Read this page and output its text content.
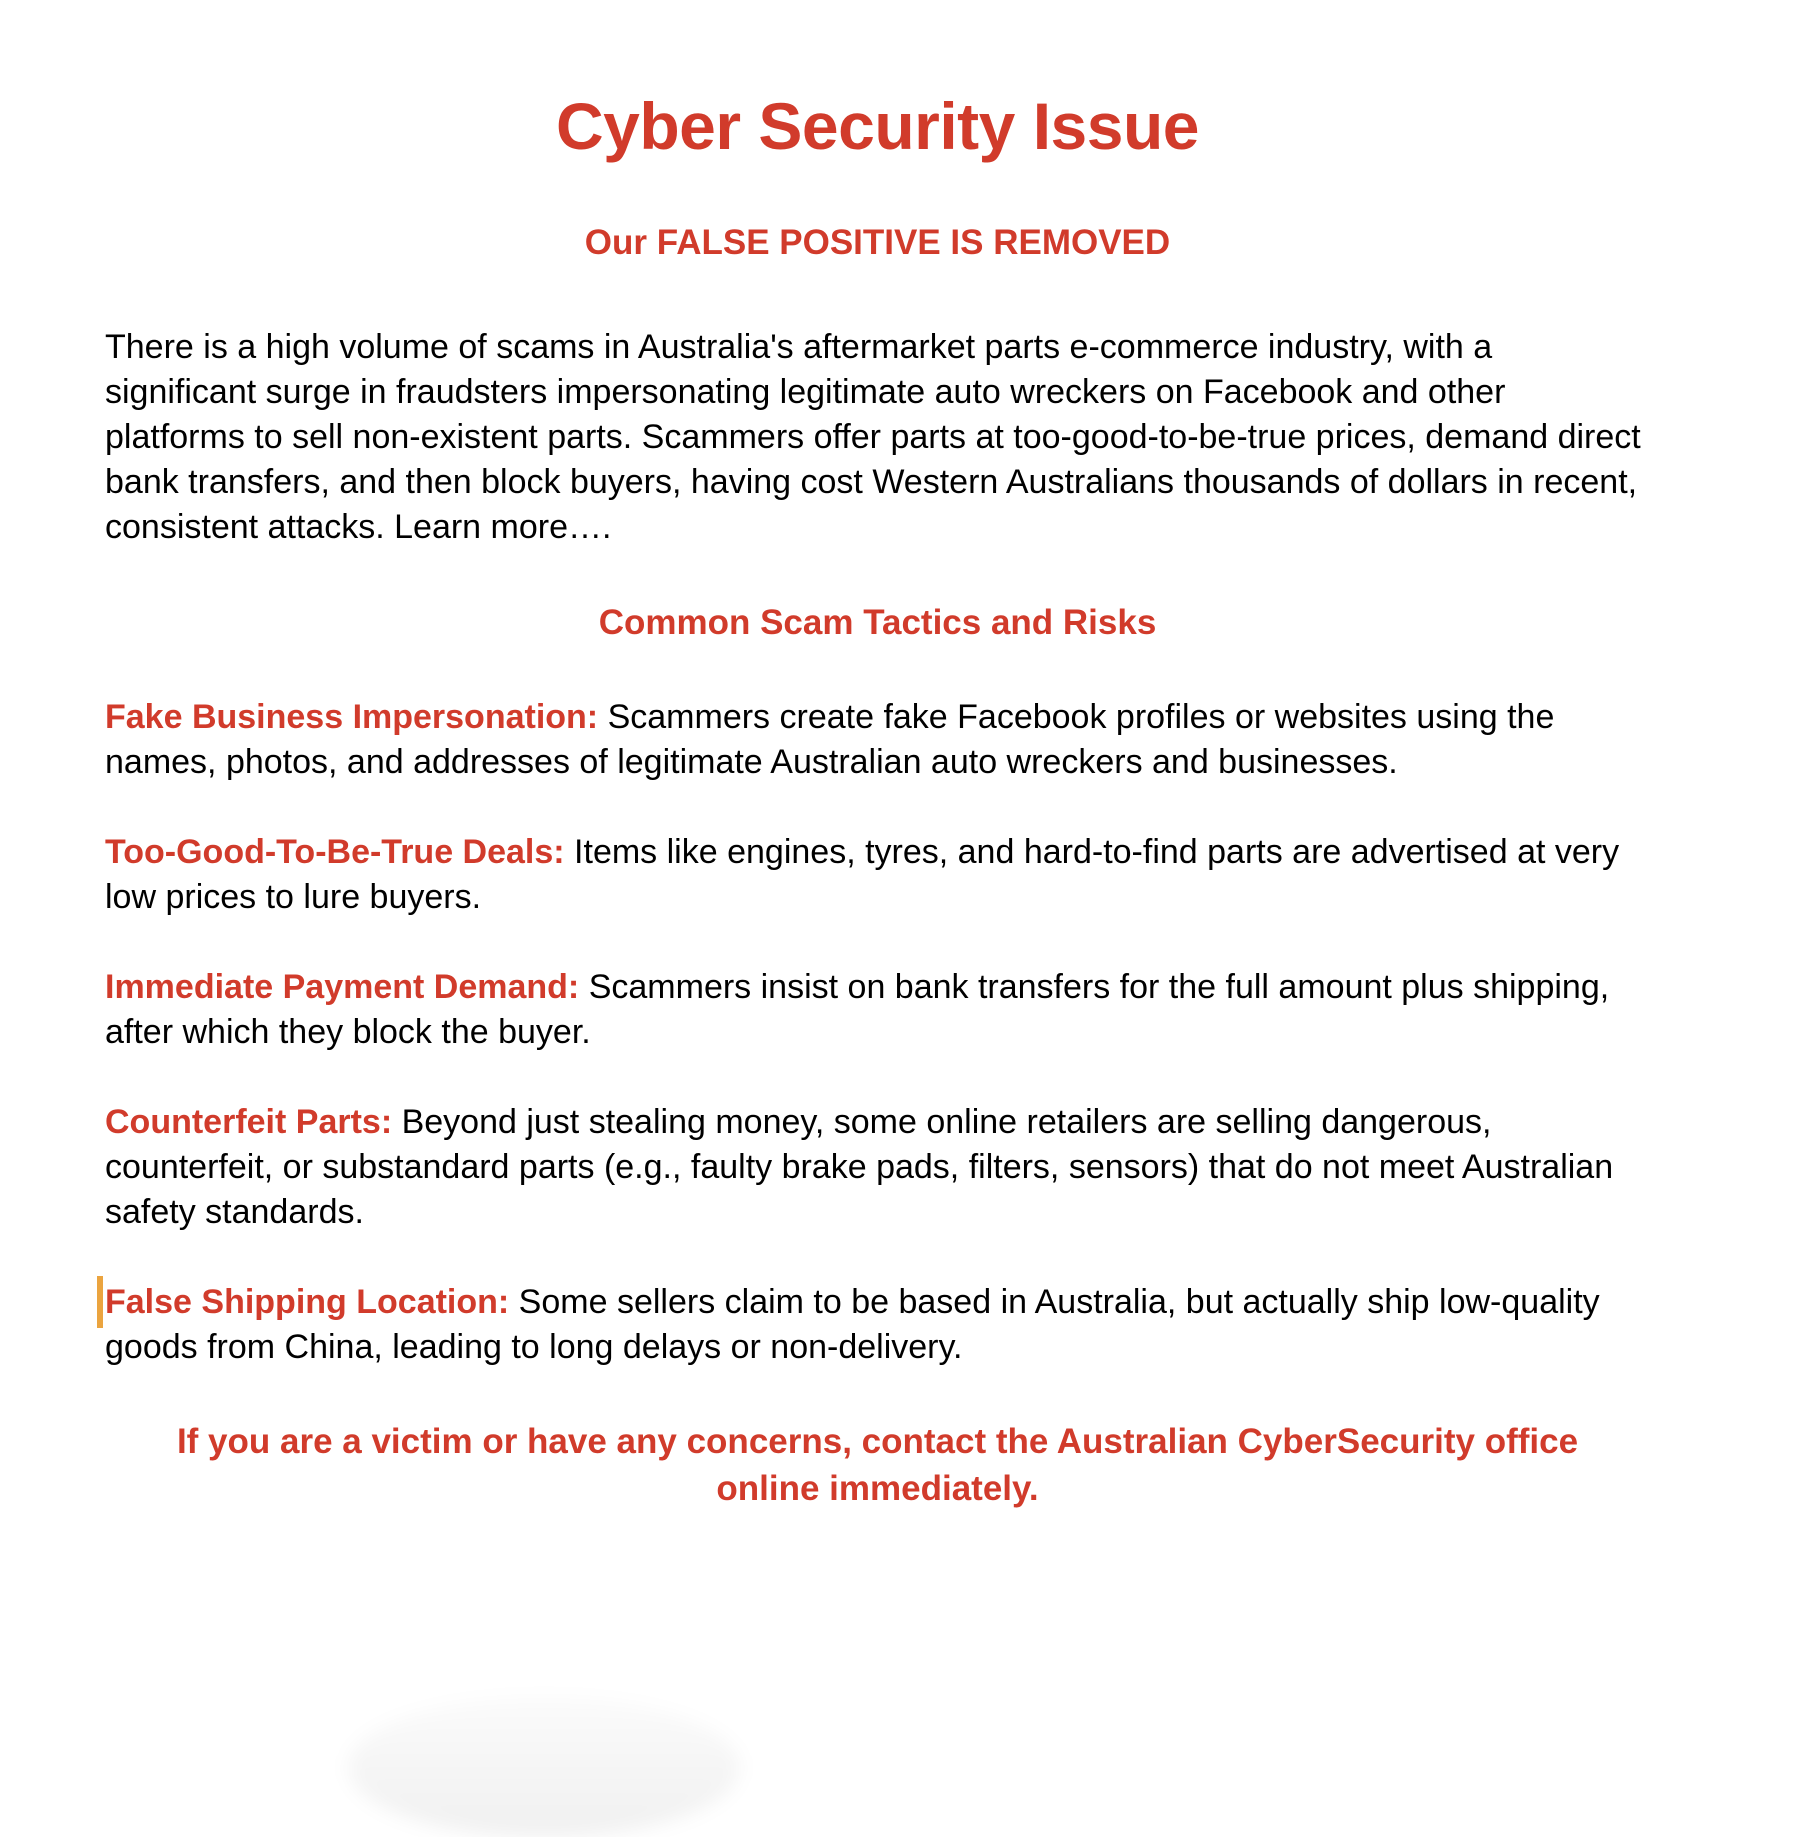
Cyber Security Issue
Our FALSE POSITIVE IS REMOVED

There is a high volume of scams in Australia's aftermarket parts e-commerce industry, with a significant surge in fraudsters impersonating legitimate auto wreckers on Facebook and other platforms to sell non-existent parts. Scammers offer parts at too-good-to-be-true prices, demand direct bank transfers, and then block buyers, having cost Western Australians thousands of dollars in recent, consistent attacks. Learn more….

Common Scam Tactics and Risks

Fake Business Impersonation: Scammers create fake Facebook profiles or websites using the names, photos, and addresses of legitimate Australian auto wreckers and businesses.

Too-Good-To-Be-True Deals: Items like engines, tyres, and hard-to-find parts are advertised at very low prices to lure buyers.

Immediate Payment Demand: Scammers insist on bank transfers for the full amount plus shipping, after which they block the buyer.

Counterfeit Parts: Beyond just stealing money, some online retailers are selling dangerous, counterfeit, or substandard parts (e.g., faulty brake pads, filters, sensors) that do not meet Australian safety standards.

False Shipping Location: Some sellers claim to be based in Australia, but actually ship low-quality goods from China, leading to long delays or non-delivery.

If you are a victim or have any concerns, contact the Australian CyberSecurity office
online immediately.
